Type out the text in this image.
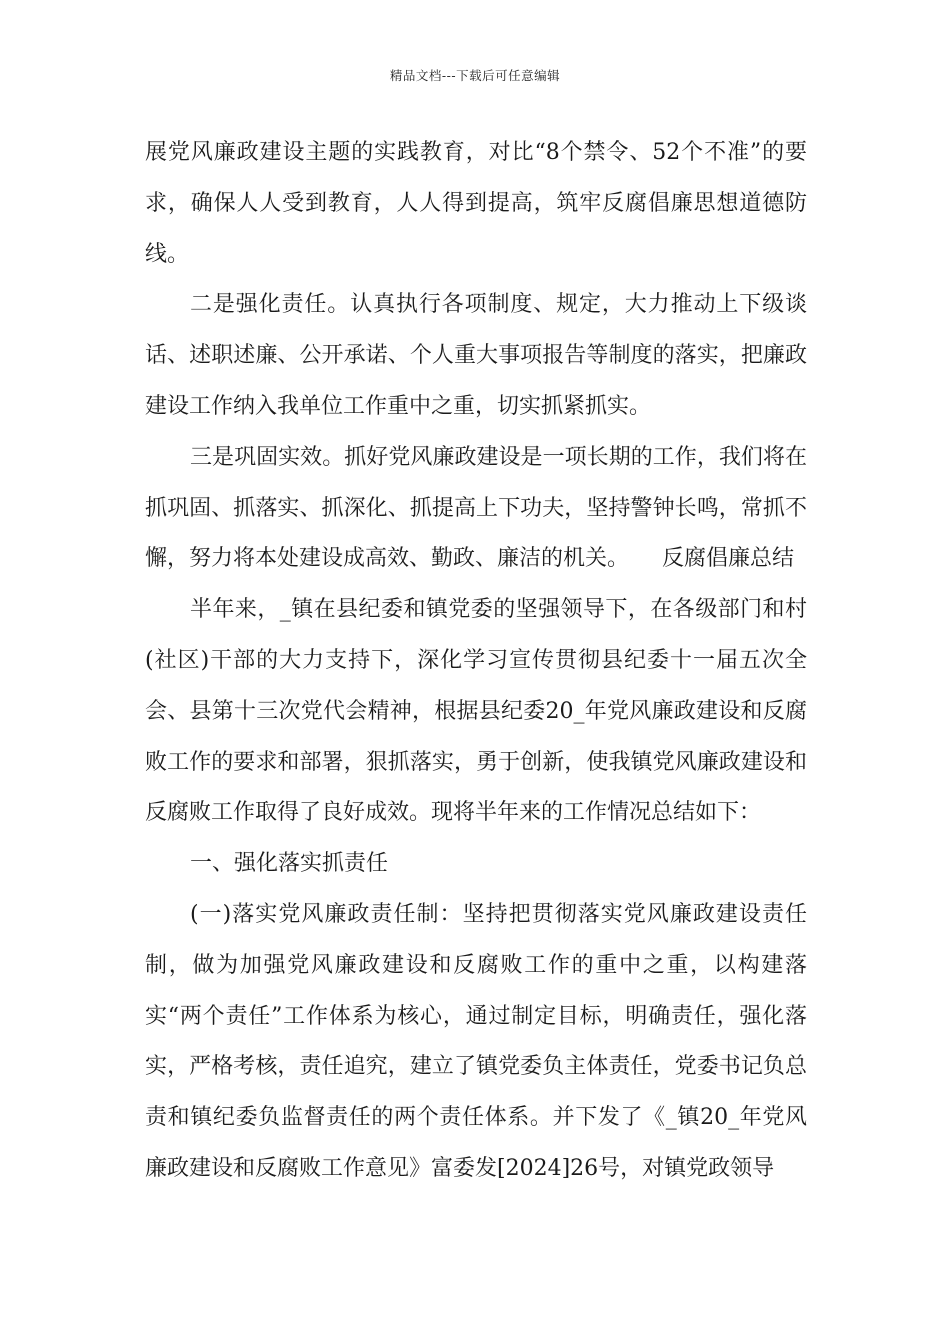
精品文档---下载后可任意编辑

展党风廉政建设主题的实践教育，对比“8个禁令、52个不准”的要求，确保人人受到教育，人人得到提高，筑牢反腐倡廉思想道德防线。

二是强化责任。认真执行各项制度、规定，大力推动上下级谈话、述职述廉、公开承诺、个人重大事项报告等制度的落实，把廉政建设工作纳入我单位工作重中之重，切实抓紧抓实。

三是巩固实效。抓好党风廉政建设是一项长期的工作，我们将在抓巩固、抓落实、抓深化、抓提高上下功夫，坚持警钟长鸣，常抓不懈，努力将本处建设成高效、勤政、廉洁的机关。　　反腐倡廉总结

半年来，_镇在县纪委和镇党委的坚强领导下，在各级部门和村(社区)干部的大力支持下，深化学习宣传贯彻县纪委十一届五次全会、县第十三次党代会精神，根据县纪委20_年党风廉政建设和反腐败工作的要求和部署，狠抓落实，勇于创新，使我镇党风廉政建设和反腐败工作取得了良好成效。现将半年来的工作情况总结如下：

一、强化落实抓责任

(一)落实党风廉政责任制：坚持把贯彻落实党风廉政建设责任制，做为加强党风廉政建设和反腐败工作的重中之重，以构建落实“两个责任”工作体系为核心，通过制定目标，明确责任，强化落实，严格考核，责任追究，建立了镇党委负主体责任，党委书记负总责和镇纪委负监督责任的两个责任体系。并下发了《_镇20_年党风廉政建设和反腐败工作意见》富委发[2024]26号，对镇党政领导
